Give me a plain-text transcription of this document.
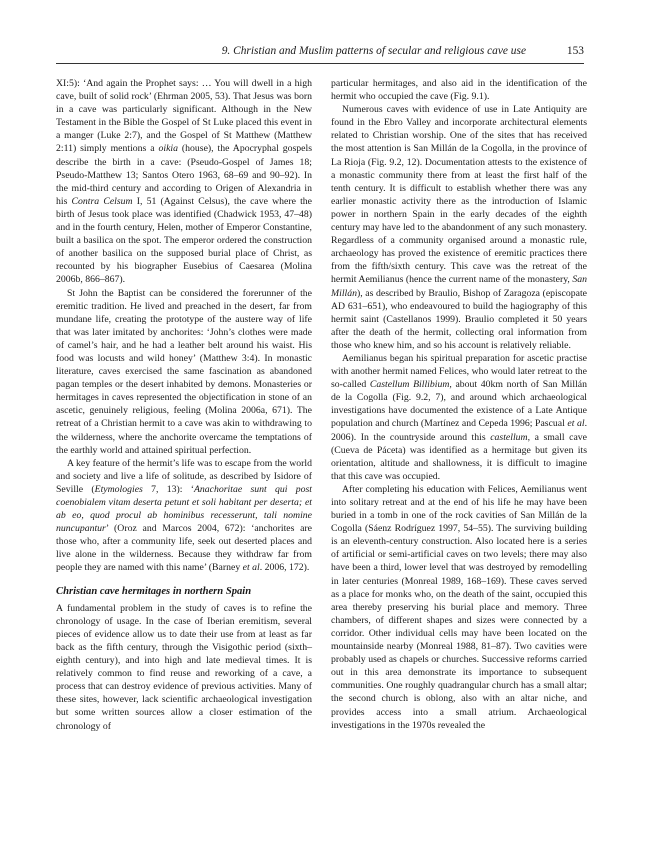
9. Christian and Muslim patterns of secular and religious cave use	153

XI:5): ‘And again the Prophet says: … You will dwell in a high cave, built of solid rock’ (Ehrman 2005, 53). That Jesus was born in a cave was particularly significant. Although in the New Testament in the Bible the Gospel of St Luke placed this event in a manger (Luke 2:7), and the Gospel of St Matthew (Matthew 2:11) simply mentions a oikia (house), the Apocryphal gospels describe the birth in a cave: (Pseudo-Gospel of James 18; Pseudo-Matthew 13; Santos Otero 1963, 68–69 and 90–92). In the mid-third century and according to Origen of Alexandria in his Contra Celsum I, 51 (Against Celsus), the cave where the birth of Jesus took place was identified (Chadwick 1953, 47–48) and in the fourth century, Helen, mother of Emperor Constantine, built a basilica on the spot. The emperor ordered the construction of another basilica on the supposed burial place of Christ, as recounted by his biographer Eusebius of Caesarea (Molina 2006b, 866–867).

St John the Baptist can be considered the forerunner of the eremitic tradition. He lived and preached in the desert, far from mundane life, creating the prototype of the austere way of life that was later imitated by anchorites: ‘John’s clothes were made of camel’s hair, and he had a leather belt around his waist. His food was locusts and wild honey’ (Matthew 3:4). In monastic literature, caves exercised the same fascination as abandoned pagan temples or the desert inhabited by demons. Monasteries or hermitages in caves represented the objectification in stone of an ascetic, genuinely religious, feeling (Molina 2006a, 671). The retreat of a Christian hermit to a cave was akin to withdrawing to the wilderness, where the anchorite overcame the temptations of the earthly world and attained spiritual perfection.

A key feature of the hermit’s life was to escape from the world and society and live a life of solitude, as described by Isidore of Seville (Etymologies 7, 13): ‘Anachoritae sunt qui post coenobialem vitam deserta petunt et soli habitant per deserta; et ab eo, quod procul ab hominibus recesserunt, tali nomine nuncupantur’ (Oroz and Marcos 2004, 672): ‘anchorites are those who, after a community life, seek out deserted places and live alone in the wilderness. Because they withdraw far from people they are named with this name’ (Barney et al. 2006, 172).

Christian cave hermitages in northern Spain

A fundamental problem in the study of caves is to refine the chronology of usage. In the case of Iberian eremitism, several pieces of evidence allow us to date their use from at least as far back as the fifth century, through the Visigothic period (sixth–eighth century), and into high and late medieval times. It is relatively common to find reuse and reworking of a cave, a process that can destroy evidence of previous activities. Many of these sites, however, lack scientific archaeological investigation but some written sources allow a closer estimation of the chronology of

particular hermitages, and also aid in the identification of the hermit who occupied the cave (Fig. 9.1).

Numerous caves with evidence of use in Late Antiquity are found in the Ebro Valley and incorporate architectural elements related to Christian worship. One of the sites that has received the most attention is San Millán de la Cogolla, in the province of La Rioja (Fig. 9.2, 12). Documentation attests to the existence of a monastic community there from at least the first half of the tenth century. It is difficult to establish whether there was any earlier monastic activity there as the introduction of Islamic power in northern Spain in the early decades of the eighth century may have led to the abandonment of any such monastery. Regardless of a community organised around a monastic rule, archaeology has proved the existence of eremitic practices there from the fifth/sixth century. This cave was the retreat of the hermit Aemilianus (hence the current name of the monastery, San Millán), as described by Braulio, Bishop of Zaragoza (episcopate AD 631–651), who endeavoured to build the hagiography of this hermit saint (Castellanos 1999). Braulio completed it 50 years after the death of the hermit, collecting oral information from those who knew him, and so his account is relatively reliable.

Aemilianus began his spiritual preparation for ascetic practise with another hermit named Felices, who would later retreat to the so-called Castellum Billibium, about 40km north of San Millán de la Cogolla (Fig. 9.2, 7), and around which archaeological investigations have documented the existence of a Late Antique population and church (Martínez and Cepeda 1996; Pascual et al. 2006). In the countryside around this castellum, a small cave (Cueva de Páceta) was identified as a hermitage but given its orientation, altitude and shallowness, it is difficult to imagine that this cave was occupied.

After completing his education with Felices, Aemilianus went into solitary retreat and at the end of his life he may have been buried in a tomb in one of the rock cavities of San Millán de la Cogolla (Sáenz Rodríguez 1997, 54–55). The surviving building is an eleventh-century construction. Also located here is a series of artificial or semi-artificial caves on two levels; there may also have been a third, lower level that was destroyed by remodelling in later centuries (Monreal 1989, 168–169). These caves served as a place for monks who, on the death of the saint, occupied this area thereby preserving his burial place and memory. Three chambers, of different shapes and sizes were connected by a corridor. Other individual cells may have been located on the mountainside nearby (Monreal 1988, 81–87). Two cavities were probably used as chapels or churches. Successive reforms carried out in this area demonstrate its importance to subsequent communities. One roughly quadrangular church has a small altar; the second church is oblong, also with an altar niche, and provides access into a small atrium. Archaeological investigations in the 1970s revealed the
